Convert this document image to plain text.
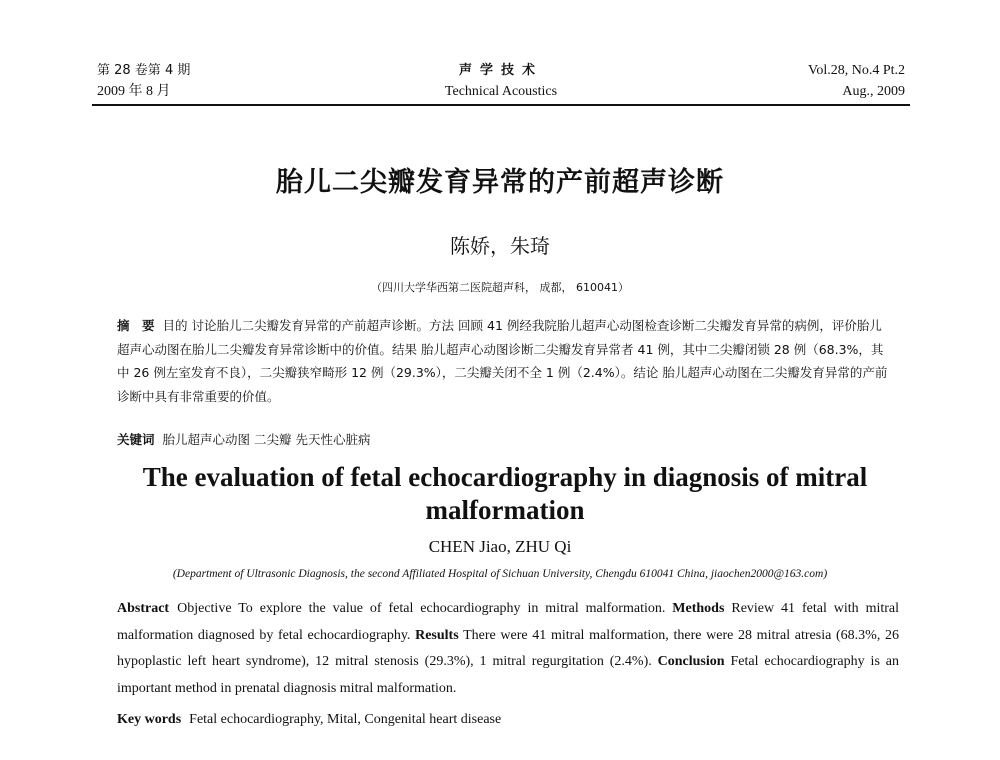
第 28 卷第 4 期
2009 年 8 月
声学技术
Technical Acoustics
Vol.28, No.4 Pt.2
Aug., 2009
胎儿二尖瓣发育异常的产前超声诊断
陈娇，朱琦
（四川大学华西第二医院超声科， 成都， 610041）

摘　要 目的 讨论胎儿二尖瓣发育异常的产前超声诊断。方法 回顾 41 例经我院胎儿超声心动图检查诊断二尖瓣发育异常的病例，评价胎儿超声心动图在胎儿二尖瓣发育异常诊断中的价值。结果 胎儿超声心动图诊断二尖瓣发育异常者 41 例，其中二尖瓣闭锁 28 例（68.3%，其中 26 例左室发育不良），二尖瓣狭窄畸形 12 例（29.3%），二尖瓣关闭不全 1 例（2.4%）。结论 胎儿超声心动图在二尖瓣发育异常的产前诊断中具有非常重要的价值。

关键词 胎儿超声心动图 二尖瓣 先天性心脏病
The evaluation of fetal echocardiography in diagnosis of mitral malformation
CHEN Jiao, ZHU Qi
(Department of Ultrasonic Diagnosis, the second Affiliated Hospital of Sichuan University, Chengdu 610041 China, jiaochen2000@163.com)

Abstract Objective To explore the value of fetal echocardiography in mitral malformation. Methods Review 41 fetal with mitral malformation diagnosed by fetal echocardiography. Results There were 41 mitral malformation, there were 28 mitral atresia (68.3%, 26 hypoplastic left heart syndrome), 12 mitral stenosis (29.3%), 1 mitral regurgitation (2.4%). Conclusion Fetal echocardiography is an important method in prenatal diagnosis mitral malformation.

Key words Fetal echocardiography, Mital, Congenital heart disease
